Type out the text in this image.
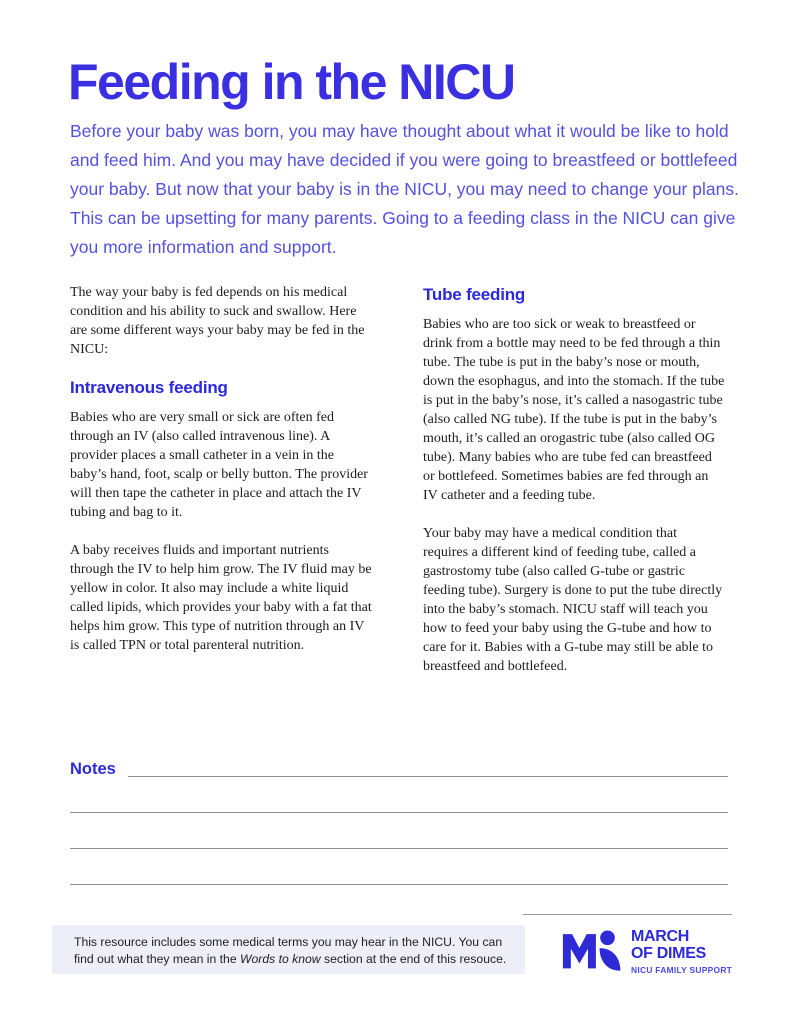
Feeding in the NICU

Before your baby was born, you may have thought about what it would be like to hold and feed him. And you may have decided if you were going to breastfeed or bottlefeed your baby. But now that your baby is in the NICU, you may need to change your plans. This can be upsetting for many parents. Going to a feeding class in the NICU can give you more information and support.

The way your baby is fed depends on his medical condition and his ability to suck and swallow. Here are some different ways your baby may be fed in the NICU:

Intravenous feeding

Babies who are very small or sick are often fed through an IV (also called intravenous line). A provider places a small catheter in a vein in the baby’s hand, foot, scalp or belly button. The provider will then tape the catheter in place and attach the IV tubing and bag to it.

A baby receives fluids and important nutrients through the IV to help him grow. The IV fluid may be yellow in color. It also may include a white liquid called lipids, which provides your baby with a fat that helps him grow. This type of nutrition through an IV is called TPN or total parenteral nutrition.

Tube feeding

Babies who are too sick or weak to breastfeed or drink from a bottle may need to be fed through a thin tube. The tube is put in the baby’s nose or mouth, down the esophagus, and into the stomach. If the tube is put in the baby’s nose, it’s called a nasogastric tube (also called NG tube). If the tube is put in the baby’s mouth, it’s called an orogastric tube (also called OG tube). Many babies who are tube fed can breastfeed or bottlefeed. Sometimes babies are fed through an IV catheter and a feeding tube.

Your baby may have a medical condition that requires a different kind of feeding tube, called a gastrostomy tube (also called G-tube or gastric feeding tube). Surgery is done to put the tube directly into the baby’s stomach. NICU staff will teach you how to feed your baby using the G-tube and how to care for it. Babies with a G-tube may still be able to breastfeed and bottlefeed.

Notes

This resource includes some medical terms you may hear in the NICU. You can find out what they mean in the Words to know section at the end of this resouce.

MARCH
OF DIMES
NICU FAMILY SUPPORT
